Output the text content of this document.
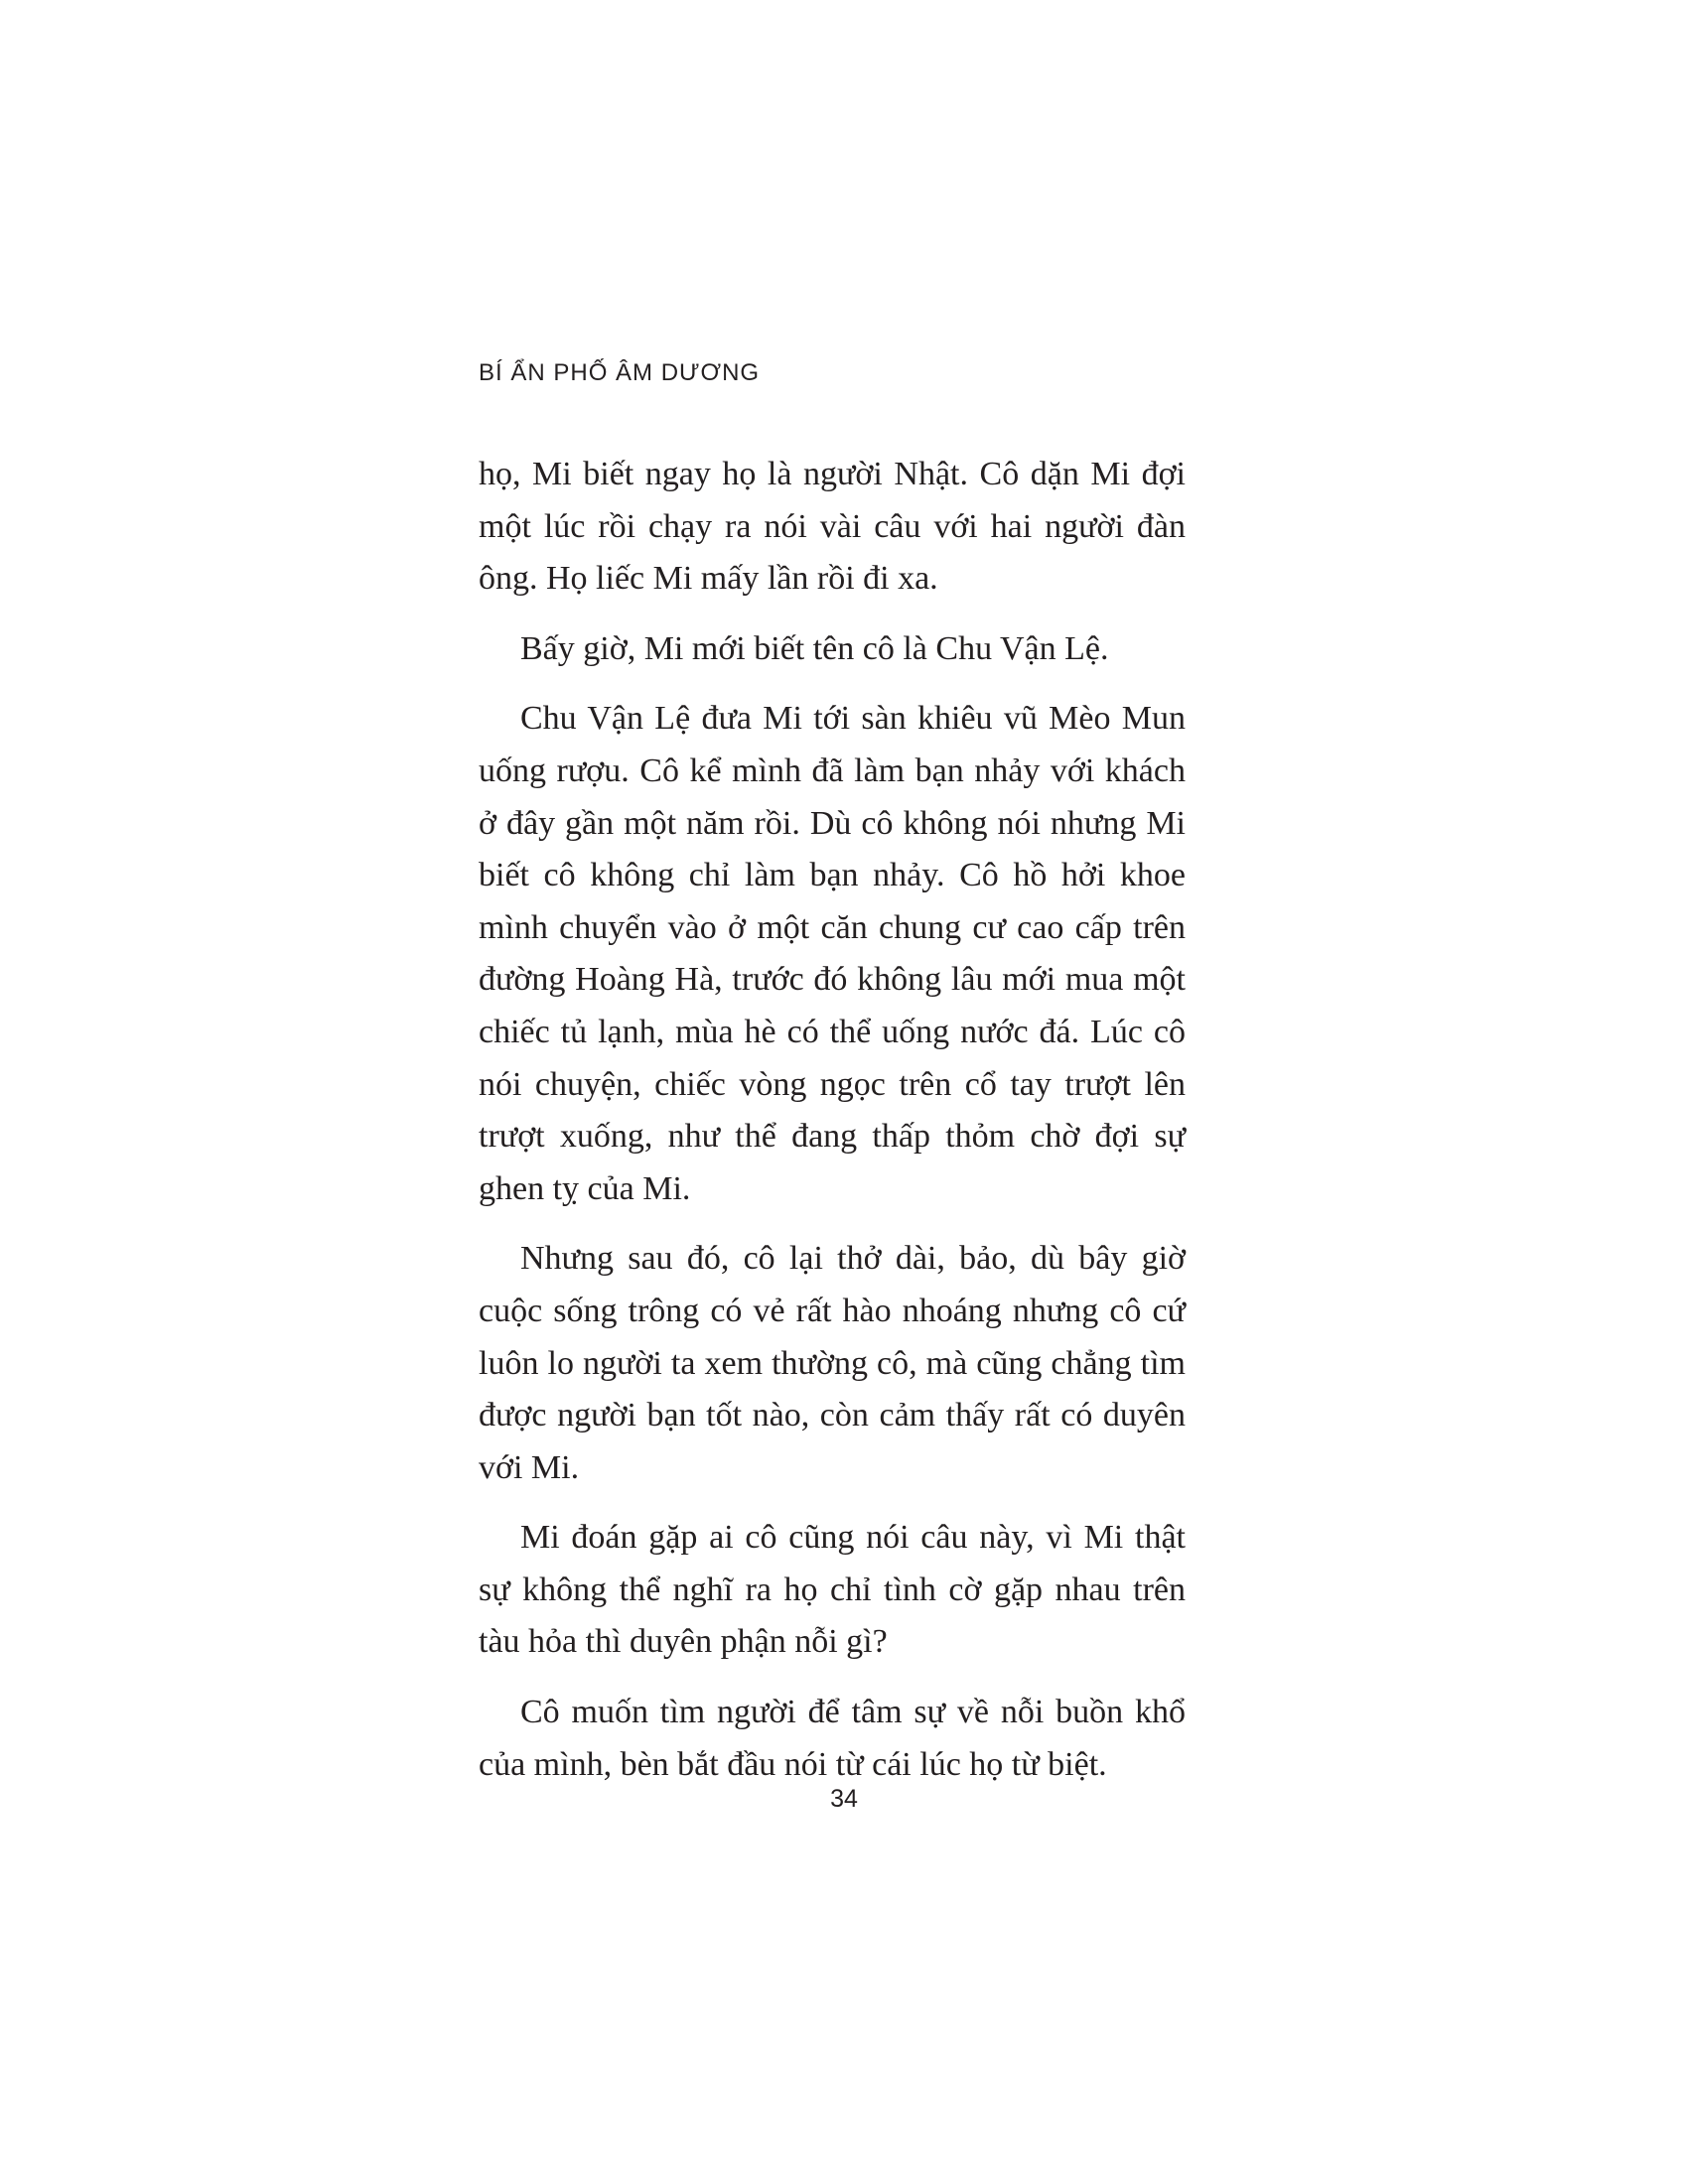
BÍ ẨN PHỐ ÂM DƯƠNG

họ, Mi biết ngay họ là người Nhật. Cô dặn Mi đợi một lúc rồi chạy ra nói vài câu với hai người đàn ông. Họ liếc Mi mấy lần rồi đi xa.

Bấy giờ, Mi mới biết tên cô là Chu Vận Lệ.

Chu Vận Lệ đưa Mi tới sàn khiêu vũ Mèo Mun uống rượu. Cô kể mình đã làm bạn nhảy với khách ở đây gần một năm rồi. Dù cô không nói nhưng Mi biết cô không chỉ làm bạn nhảy. Cô hồ hởi khoe mình chuyển vào ở một căn chung cư cao cấp trên đường Hoàng Hà, trước đó không lâu mới mua một chiếc tủ lạnh, mùa hè có thể uống nước đá. Lúc cô nói chuyện, chiếc vòng ngọc trên cổ tay trượt lên trượt xuống, như thể đang thấp thỏm chờ đợi sự ghen tỵ của Mi.

Nhưng sau đó, cô lại thở dài, bảo, dù bây giờ cuộc sống trông có vẻ rất hào nhoáng nhưng cô cứ luôn lo người ta xem thường cô, mà cũng chẳng tìm được người bạn tốt nào, còn cảm thấy rất có duyên với Mi.

Mi đoán gặp ai cô cũng nói câu này, vì Mi thật sự không thể nghĩ ra họ chỉ tình cờ gặp nhau trên tàu hỏa thì duyên phận nỗi gì?

Cô muốn tìm người để tâm sự về nỗi buồn khổ của mình, bèn bắt đầu nói từ cái lúc họ từ biệt.

34
